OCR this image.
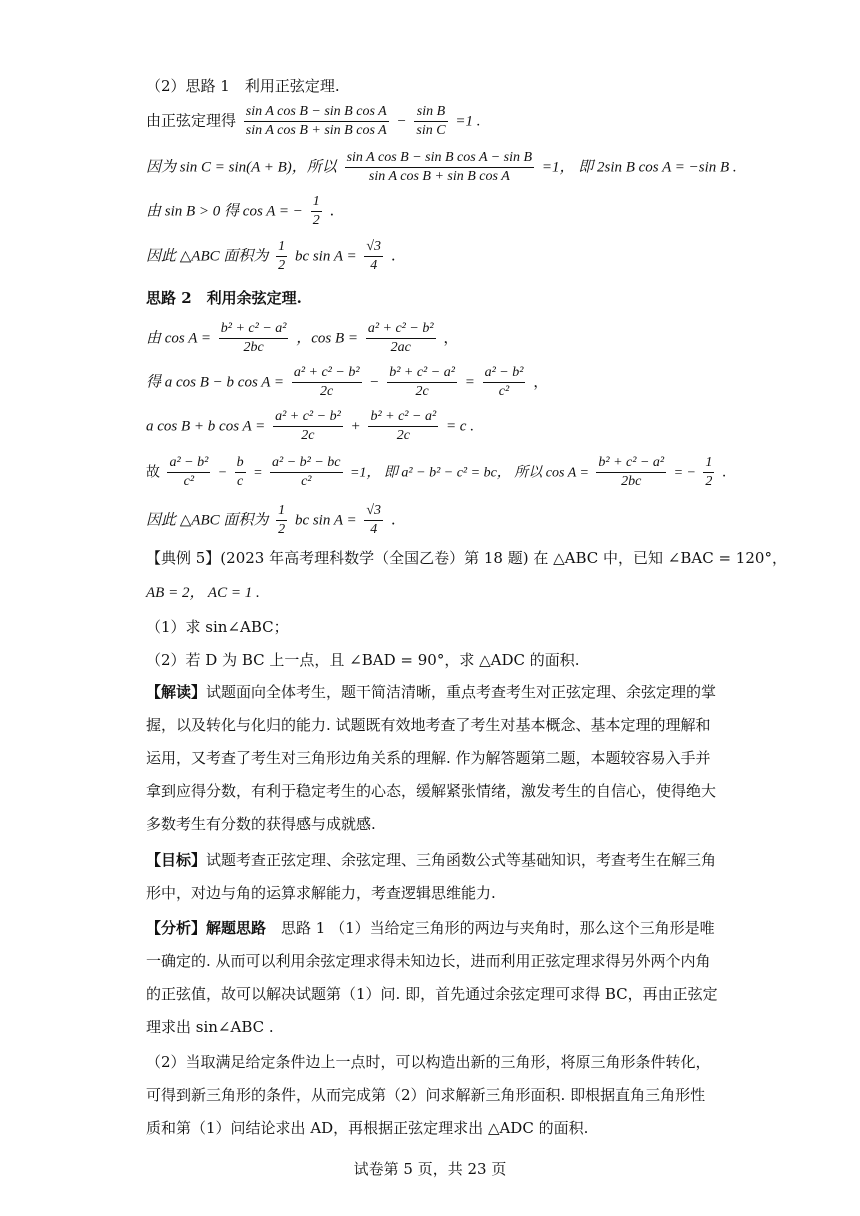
（2）思路 1　利用正弦定理.
由正弦定理得 $\frac{\text{sin A cos B − sin B cos A}}{\text{sin A cos B + sin B cos A}} - \frac{\text{sin B}}{\text{sin C}} =1$ .
因为 sin C = sin(A + B)，所以 $\frac{\text{sin A cos B − sin B cos A − sin B}}{\text{sin A cos B + sin B cos A}} =1$， 即 2sin B cos A = −sin B .
由 sin B > 0 得 cos A = − $\frac{1}{2}$ .
因此 △ABC 面积为 $\frac{1}{2}$ bc $\sin A = \frac{√3}{4}$ .
思路 2　利用余弦定理.
由 $\cos A = \frac{\text{b² + c² − a²}}{2bc}$ ，$\cos B = \frac{\text{a² + c² − b²}}{2ac}$ ，
得 a cos B − b $\cos A = \frac{\text{a² + c² − b²}}{2c} - \frac{\text{b² + c² − a²}}{2c} = \frac{\text{a² − b²}}{\text{c²}}$ ，
a cos B + b $\cos A = \frac{\text{a² + c² − b²}}{2c} + \frac{\text{b² + c² − a²}}{2c} = c$ .
故 $\frac{\text{a² − b²}}{\text{c²}} - \frac{b}{c} = \frac{\text{a² − b² − bc}}{\text{c²}} =1$， 即 a² − b² − c² = bc， 所以 $\cos A = \frac{\text{b² + c² − a²}}{2bc}$ = − $\frac{1}{2}$ .
因此 △ABC 面积为 $\frac{1}{2}$ bc $\sin A = \frac{√3}{4}$ .
【典例 5】(2023 年高考理科数学（全国乙卷）第 18 题) 在 △ABC 中，已知 ∠BAC = 120°，
AB = 2， AC = 1 .
（1）求 sin∠ABC；
（2）若 D 为 BC 上一点，且 ∠BAD = 90°，求 △ADC 的面积.
【解读】试题面向全体考生，题干简洁清晰，重点考查考生对正弦定理、余弦定理的掌握，以及转化与化归的能力. 试题既有效地考查了考生对基本概念、基本定理的理解和运用，又考查了考生对三角形边角关系的理解. 作为解答题第二题，本题较容易入手并拿到应得分数，有利于稳定考生的心态，缓解紧张情绪，激发考生的自信心，使得绝大多数考生有分数的获得感与成就感.
【目标】试题考查正弦定理、余弦定理、三角函数公式等基础知识，考查考生在解三角形中，对边与角的运算求解能力，考查逻辑思维能力.
【分析】解题思路　思路 1 （1）当给定三角形的两边与夹角时，那么这个三角形是唯一确定的. 从而可以利用余弦定理求得未知边长，进而利用正弦定理求得另外两个内角的正弦值，故可以解决试题第（1）问. 即，首先通过余弦定理可求得 BC，再由正弦定理求出 sin∠ABC .
（2）当取满足给定条件边上一点时，可以构造出新的三角形，将原三角形条件转化，可得到新三角形的条件，从而完成第（2）问求解新三角形面积. 即根据直角三角形性质和第（1）问结论求出 AD，再根据正弦定理求出 △ADC 的面积.
试卷第 5 页，共 23 页
